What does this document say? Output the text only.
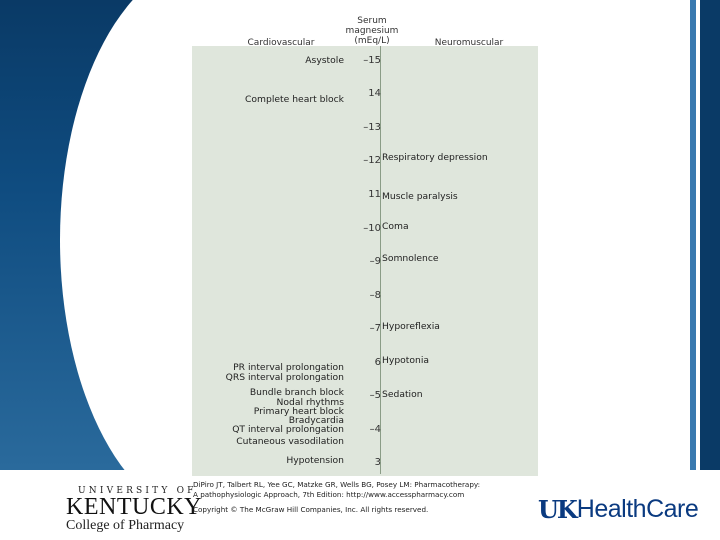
Cardiovascular
Serum
magnesium
(mEq/L)	Neuromuscular
–15
14
–13
–12
11
–10
–9
–8
–7
6
–5
–4
3
Asystole
Complete heart block
PR interval prolongation
QRS interval prolongation
Bundle branch block
Nodal rhythms
Primary heart block
Bradycardia
QT interval prolongation
Cutaneous vasodilation
Hypotension
Respiratory depression
Muscle paralysis
Coma
Somnolence
Hyporeflexia
Hypotonia
Sedation

DiPiro JT, Talbert RL, Yee GC, Matzke GR, Wells BG, Posey LM: Pharmacotherapy:

A pathophysiologic Approach, 7th Edition: http://www.accesspharmacy.com

Copyright © The McGraw Hill Companies, Inc. All rights reserved.

UNIVERSITY OF
KENTUCKY
College of Pharmacy
UK HealthCare
